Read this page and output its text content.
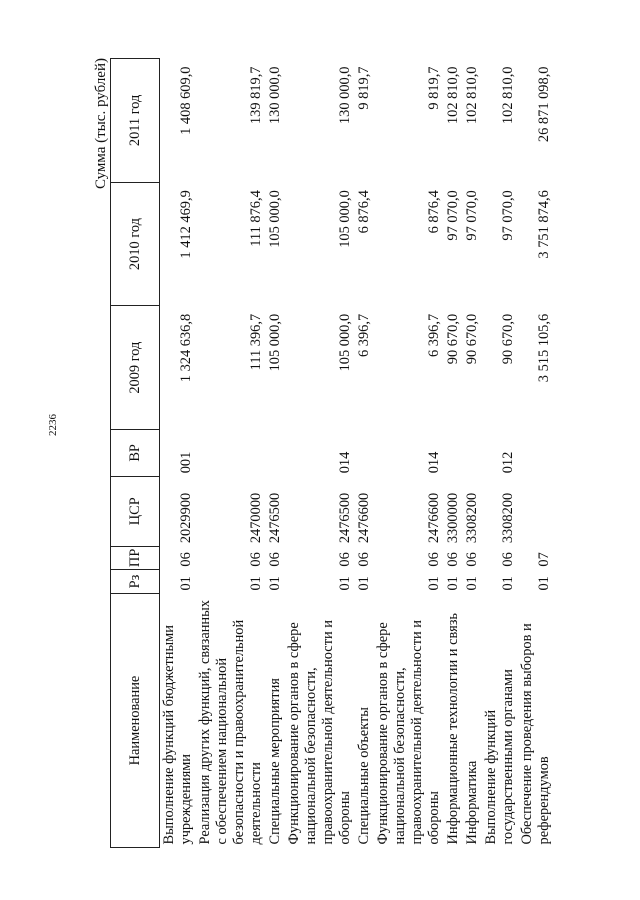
2236
Сумма (тыс. рублей)
Наименование	Рз	ПР	ЦСР	ВР	2009 год	2010 год	2011 год
Выполнение функций бюджетными учреждениями	01	06	2029900	001	1 324 636,8	1 412 469,9	1 408 609,0
Реализация других функций, связанных с обеспечением национальной безопасности и правоохранительной деятельности	01	06	2470000		111 396,7	111 876,4	139 819,7
Специальные мероприятия	01	06	2476500		105 000,0	105 000,0	130 000,0
Функционирование органов в сфере национальной безопасности, правоохранительной деятельности и обороны	01	06	2476500	014	105 000,0	105 000,0	130 000,0
Специальные объекты	01	06	2476600		6 396,7	6 876,4	9 819,7
Функционирование органов в сфере национальной безопасности, правоохранительной деятельности и обороны	01	06	2476600	014	6 396,7	6 876,4	9 819,7
Информационные технологии и связь	01	06	3300000		90 670,0	97 070,0	102 810,0
Информатика	01	06	3308200		90 670,0	97 070,0	102 810,0
Выполнение функций государственными органами	01	06	3308200	012	90 670,0	97 070,0	102 810,0
Обеспечение проведения выборов и референдумов	01	07			3 515 105,6	3 751 874,6	26 871 098,0
